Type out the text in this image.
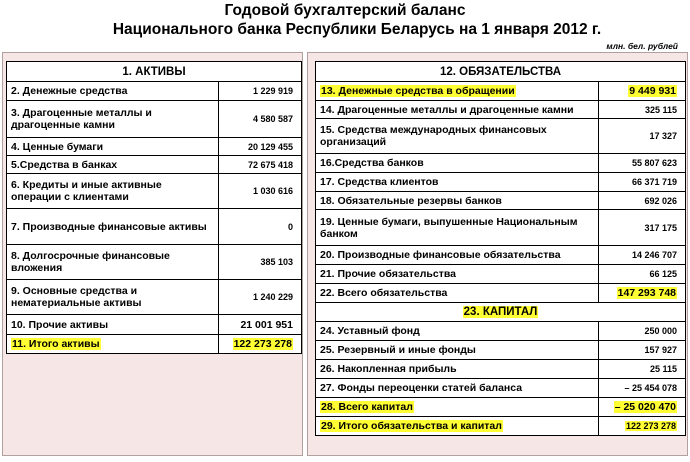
Годовой бухгалтерский баланс
Национального банка Республики Беларусь на 1 января 2012 г.
млн. бел. рублей
1. АКТИВЫ	
2. Денежные средства	1 229 919
3. Драгоценные металлы и драгоценные камни	4 580 587
4. Ценные бумаги	20 129 455
5.Средства в банках	72 675 418
6. Кредиты и иные активные операции с клиентами	1 030 616
7. Производные финансовые активы	0
8. Долгосрочные финансовые вложения	385 103
9. Основные средства и нематериальные активы	1 240 229
10. Прочие активы	21 001 951
11. Итого активы	122 273 278
12. ОБЯЗАТЕЛЬСТВА	
13. Денежные средства в обращении	9 449 931
14. Драгоценные металлы и драгоценные камни	325 115
15. Средства международных финансовых организаций	17 327
16.Средства банков	55 807 623
17. Средства клиентов	66 371 719
18. Обязательные резервы банков	692 026
19. Ценные бумаги, выпушенные Национальным банком	317 175
20. Производные финансовые обязательства	14 246 707
21. Прочие обязательства	66 125
22. Всего обязательства	147 293 748
23. КАПИТАЛ	
24. Уставный фонд	250 000
25. Резервный и иные фонды	157 927
26. Накопленная прибыль	25 115
27. Фонды переоценки статей баланса	– 25 454 078
28. Всего капитал	– 25 020 470
29. Итого обязательства и капитал	122 273 278
